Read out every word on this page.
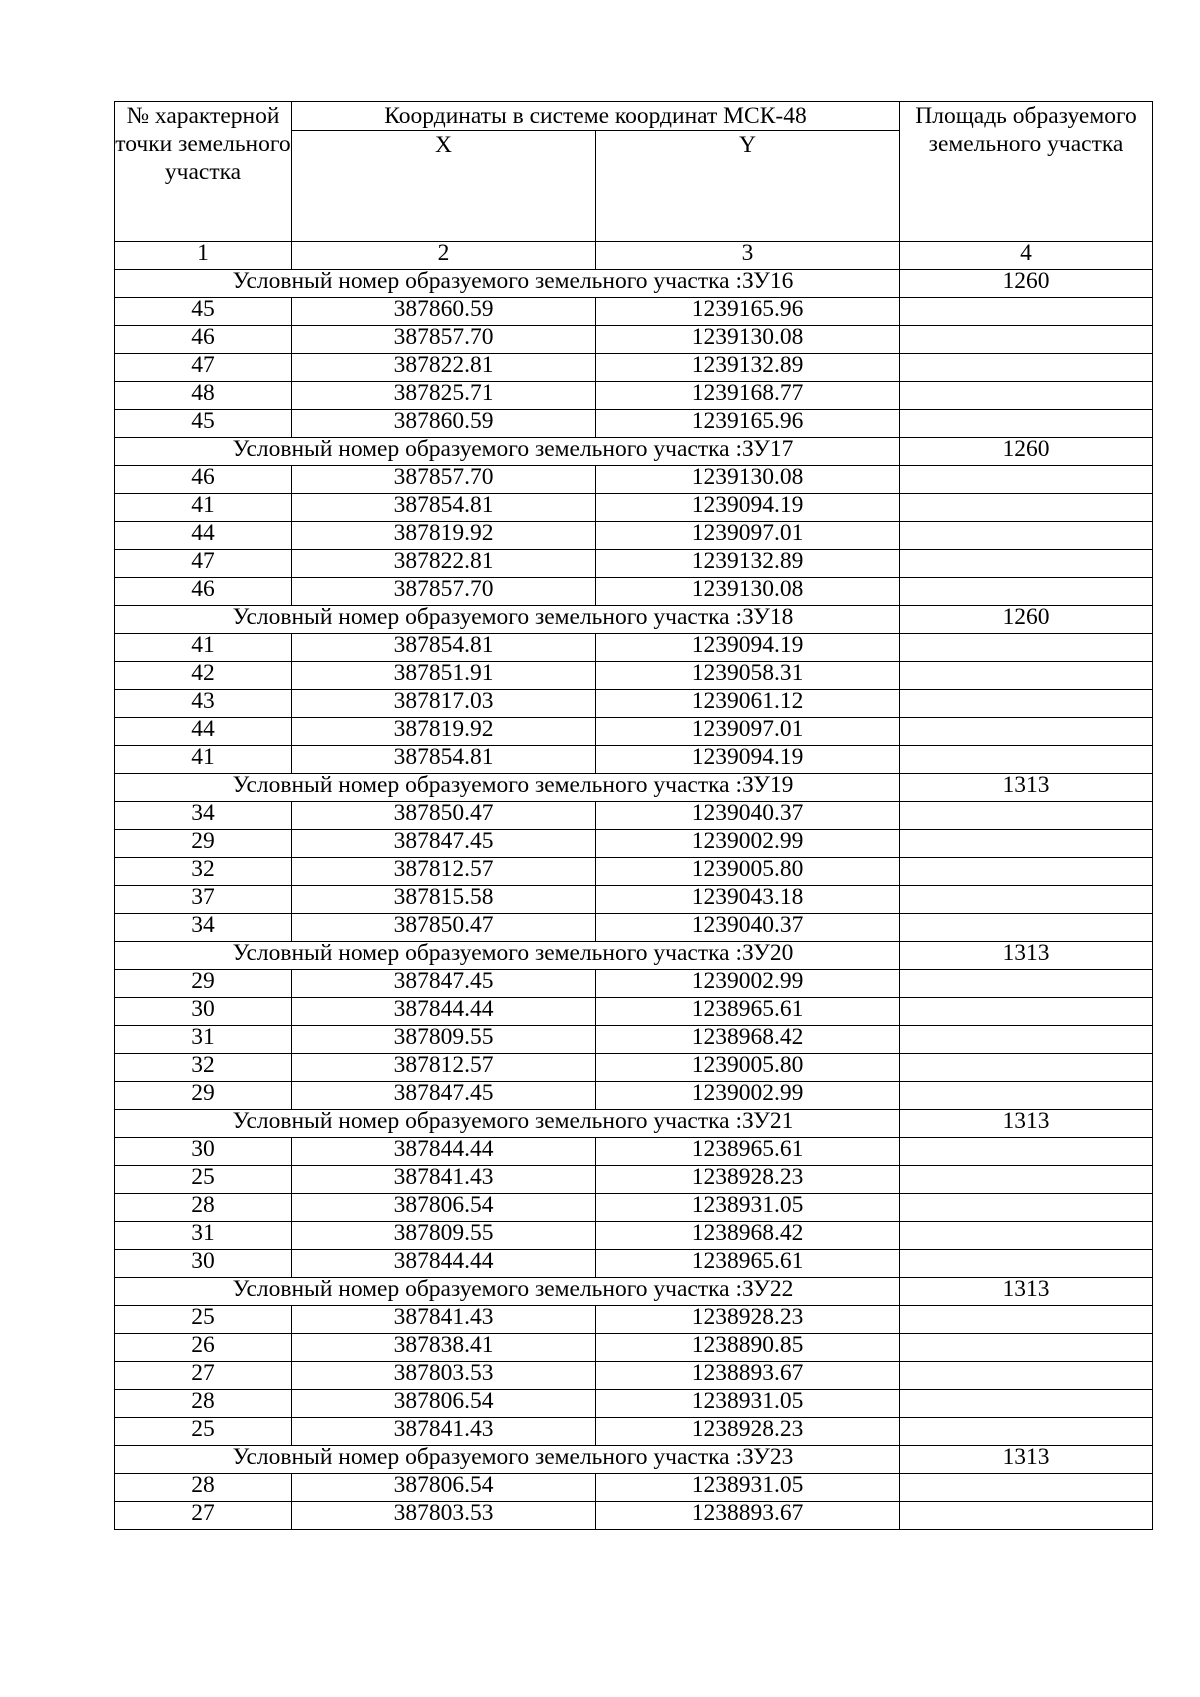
№ характерной точки земельного участка	Координаты в системе координат МСК-48		Площадь образуемого земельного участка
	X	Y	
1	2	3	4
Условный номер образуемого земельного участка :ЗУ16			1260
45	387860.59	1239165.96	
46	387857.70	1239130.08	
47	387822.81	1239132.89	
48	387825.71	1239168.77	
45	387860.59	1239165.96	
Условный номер образуемого земельного участка :ЗУ17			1260
46	387857.70	1239130.08	
41	387854.81	1239094.19	
44	387819.92	1239097.01	
47	387822.81	1239132.89	
46	387857.70	1239130.08	
Условный номер образуемого земельного участка :ЗУ18			1260
41	387854.81	1239094.19	
42	387851.91	1239058.31	
43	387817.03	1239061.12	
44	387819.92	1239097.01	
41	387854.81	1239094.19	
Условный номер образуемого земельного участка :ЗУ19			1313
34	387850.47	1239040.37	
29	387847.45	1239002.99	
32	387812.57	1239005.80	
37	387815.58	1239043.18	
34	387850.47	1239040.37	
Условный номер образуемого земельного участка :ЗУ20			1313
29	387847.45	1239002.99	
30	387844.44	1238965.61	
31	387809.55	1238968.42	
32	387812.57	1239005.80	
29	387847.45	1239002.99	
Условный номер образуемого земельного участка :ЗУ21			1313
30	387844.44	1238965.61	
25	387841.43	1238928.23	
28	387806.54	1238931.05	
31	387809.55	1238968.42	
30	387844.44	1238965.61	
Условный номер образуемого земельного участка :ЗУ22			1313
25	387841.43	1238928.23	
26	387838.41	1238890.85	
27	387803.53	1238893.67	
28	387806.54	1238931.05	
25	387841.43	1238928.23	
Условный номер образуемого земельного участка :ЗУ23			1313
28	387806.54	1238931.05	
27	387803.53	1238893.67	
